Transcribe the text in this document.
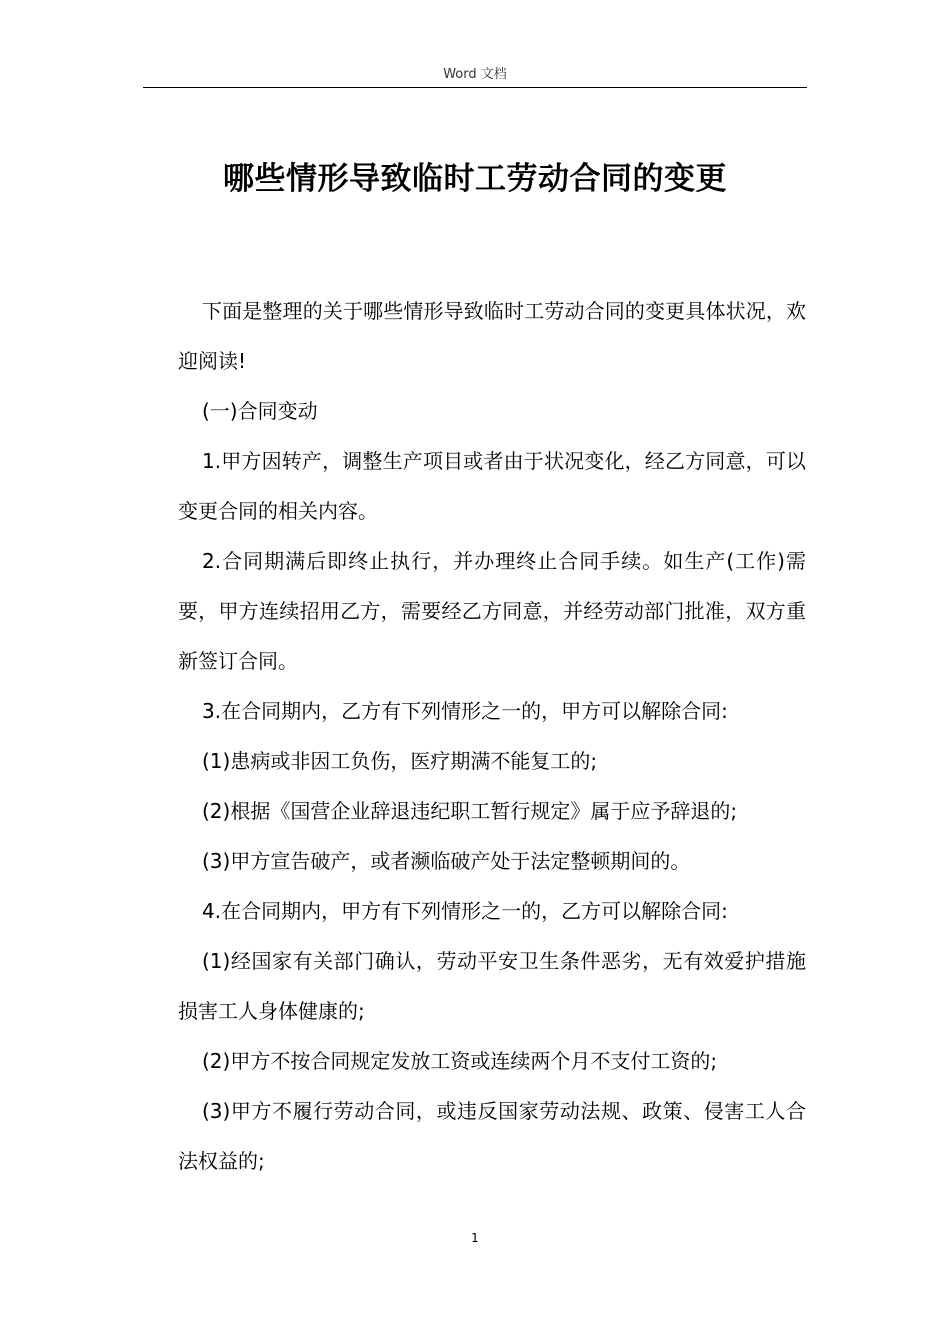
Word 文档
哪些情形导致临时工劳动合同的变更

下面是整理的关于哪些情形导致临时工劳动合同的变更具体状况，欢迎阅读!

(一)合同变动

1.甲方因转产，调整生产项目或者由于状况变化，经乙方同意，可以变更合同的相关内容。

2.合同期满后即终止执行，并办理终止合同手续。如生产(工作)需要，甲方连续招用乙方，需要经乙方同意，并经劳动部门批准，双方重新签订合同。

3.在合同期内，乙方有下列情形之一的，甲方可以解除合同:

(1)患病或非因工负伤，医疗期满不能复工的;

(2)根据《国营企业辞退违纪职工暂行规定》属于应予辞退的;

(3)甲方宣告破产，或者濒临破产处于法定整顿期间的。

4.在合同期内，甲方有下列情形之一的，乙方可以解除合同:

(1)经国家有关部门确认，劳动平安卫生条件恶劣，无有效爱护措施损害工人身体健康的;

(2)甲方不按合同规定发放工资或连续两个月不支付工资的;

(3)甲方不履行劳动合同，或违反国家劳动法规、政策、侵害工人合法权益的;

1
